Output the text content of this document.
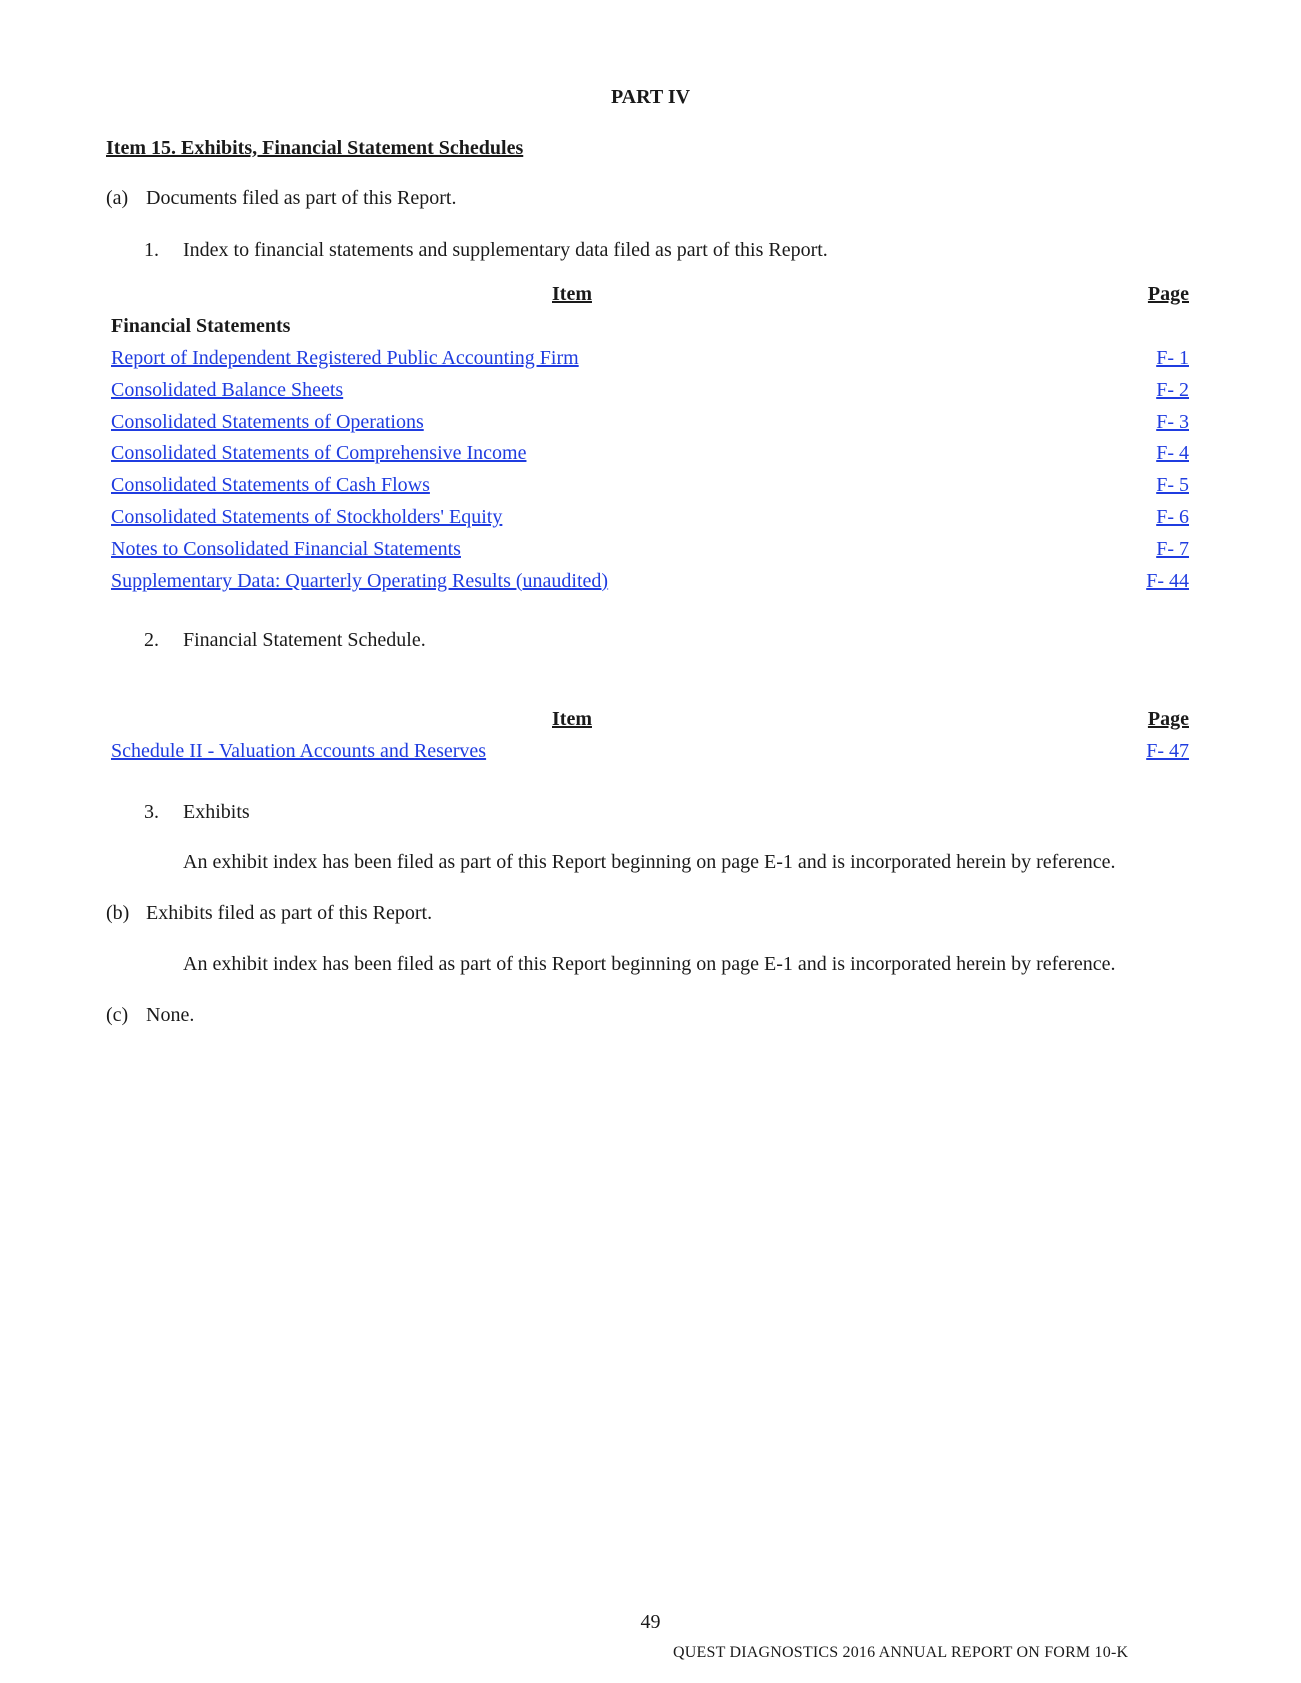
PART IV
Item 15. Exhibits, Financial Statement Schedules
(a) Documents filed as part of this Report.
1. Index to financial statements and supplementary data filed as part of this Report.
Item	Page
Financial Statements
Report of Independent Registered Public Accounting Firm	F- 1
Consolidated Balance Sheets	F- 2
Consolidated Statements of Operations	F- 3
Consolidated Statements of Comprehensive Income	F- 4
Consolidated Statements of Cash Flows	F- 5
Consolidated Statements of Stockholders' Equity	F- 6
Notes to Consolidated Financial Statements	F- 7
Supplementary Data: Quarterly Operating Results (unaudited)	F- 44
2. Financial Statement Schedule.
Item	Page
Schedule II - Valuation Accounts and Reserves	F- 47
3. Exhibits
An exhibit index has been filed as part of this Report beginning on page E-1 and is incorporated herein by reference.
(b) Exhibits filed as part of this Report.
An exhibit index has been filed as part of this Report beginning on page E-1 and is incorporated herein by reference.
(c) None.
49
QUEST DIAGNOSTICS 2016 ANNUAL REPORT ON FORM 10-K
